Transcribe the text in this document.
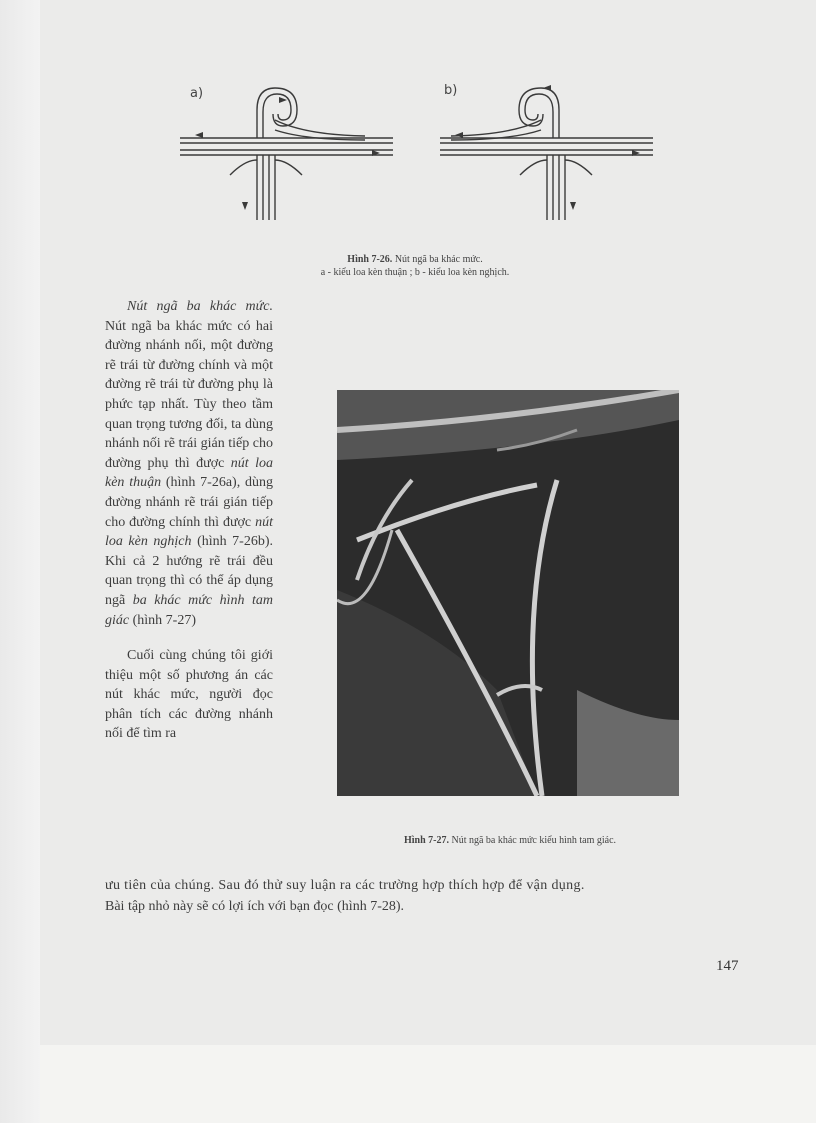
a)	b)
Hình 7-26. Nút ngã ba khác mức.
a - kiểu loa kèn thuận ; b - kiểu loa kèn nghịch.

Nút ngã ba khác mức. Nút ngã ba khác mức có hai đường nhánh nối, một đường rẽ trái từ đường chính và một đường rẽ trái từ đường phụ là phức tạp nhất. Tùy theo tầm quan trọng tương đối, ta dùng nhánh nối rẽ trái gián tiếp cho đường phụ thì được nút loa kèn thuận (hình 7-26a), dùng đường nhánh rẽ trái gián tiếp cho đường chính thì được nút loa kèn nghịch (hình 7-26b). Khi cả 2 hướng rẽ trái đều quan trọng thì có thể áp dụng ngã ba khác mức hình tam giác (hình 7-27)

Cuối cùng chúng tôi giới thiệu một số phương án các nút khác mức, người đọc phân tích các đường nhánh nối để tìm ra

Hình 7-27. Nút ngã ba khác mức kiểu hình tam giác.
ưu tiên của chúng. Sau đó thử suy luận ra các trường hợp thích hợp để vận dụng.
Bài tập nhỏ này sẽ có lợi ích với bạn đọc (hình 7-28).
147
